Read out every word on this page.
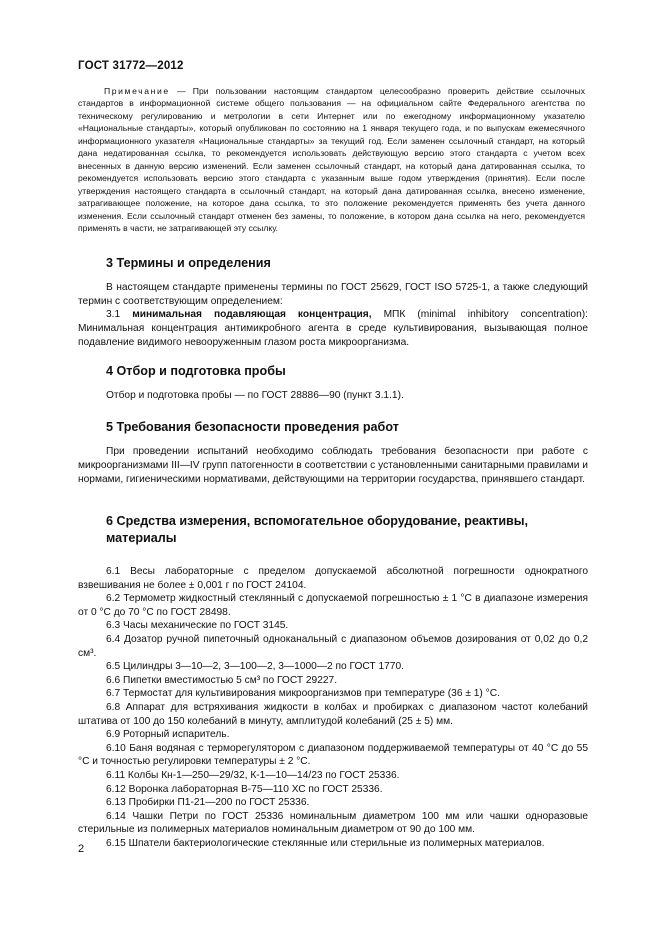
ГОСТ 31772—2012

Примечание — При пользовании настоящим стандартом целесообразно проверить действие ссылочных стандартов в информационной системе общего пользования — на официальном сайте Федерального агентства по техническому регулированию и метрологии в сети Интернет или по ежегодному информационному указателю «Национальные стандарты», который опубликован по состоянию на 1 января текущего года, и по выпускам ежемесячного информационного указателя «Национальные стандарты» за текущий год. Если заменен ссылочный стандарт, на который дана недатированная ссылка, то рекомендуется использовать действующую версию этого стандарта с учетом всех внесенных в данную версию изменений. Если заменен ссылочный стандарт, на который дана датированная ссылка, то рекомендуется использовать версию этого стандарта с указанным выше годом утверждения (принятия). Если после утверждения настоящего стандарта в ссылочный стандарт, на который дана датированная ссылка, внесено изменение, затрагивающее положение, на которое дана ссылка, то это положение рекомендуется применять без учета данного изменения. Если ссылочный стандарт отменен без замены, то положение, в котором дана ссылка на него, рекомендуется применять в части, не затрагивающей эту ссылку.

3 Термины и определения

В настоящем стандарте применены термины по ГОСТ 25629, ГОСТ ISO 5725-1, а также следующий термин с соответствующим определением:

3.1 минимальная подавляющая концентрация, МПК (minimal inhibitory concentration): Минимальная концентрация антимикробного агента в среде культивирования, вызывающая полное подавление видимого невооруженным глазом роста микроорганизма.

4 Отбор и подготовка пробы

Отбор и подготовка пробы — по ГОСТ 28886—90 (пункт 3.1.1).

5 Требования безопасности проведения работ

При проведении испытаний необходимо соблюдать требования безопасности при работе с микроорганизмами III—IV групп патогенности в соответствии с установленными санитарными правилами и нормами, гигиеническими нормативами, действующими на территории государства, принявшего стандарт.

6 Средства измерения, вспомогательное оборудование, реактивы, материалы
6.1 Весы лабораторные с пределом допускаемой абсолютной погрешности однократного взвешивания не более ± 0,001 г по ГОСТ 24104.
6.2 Термометр жидкостный стеклянный с допускаемой погрешностью ± 1 °С в диапазоне измерения от 0 °С до 70 °С по ГОСТ 28498.
6.3 Часы механические по ГОСТ 3145.
6.4 Дозатор ручной пипеточный одноканальный с диапазоном объемов дозирования от 0,02 до 0,2 см³.
6.5 Цилиндры 3—10—2, 3—100—2, 3—1000—2 по ГОСТ 1770.
6.6 Пипетки вместимостью 5 см³ по ГОСТ 29227.
6.7 Термостат для культивирования микроорганизмов при температуре (36 ± 1) °С.
6.8 Аппарат для встряхивания жидкости в колбах и пробирках с диапазоном частот колебаний штатива от 100 до 150 колебаний в минуту, амплитудой колебаний (25 ± 5) мм.
6.9 Роторный испаритель.
6.10 Баня водяная с терморегулятором с диапазоном поддерживаемой температуры от 40 °С до 55 °С и точностью регулировки температуры ± 2 °С.
6.11 Колбы Кн-1—250—29/32, К-1—10—14/23 по ГОСТ 25336.
6.12 Воронка лабораторная В-75—110 ХС по ГОСТ 25336.
6.13 Пробирки П1-21—200 по ГОСТ 25336.
6.14 Чашки Петри по ГОСТ 25336 номинальным диаметром 100 мм или чашки одноразовые стерильные из полимерных материалов номинальным диаметром от 90 до 100 мм.
6.15 Шпатели бактериологические стеклянные или стерильные из полимерных материалов.
2
